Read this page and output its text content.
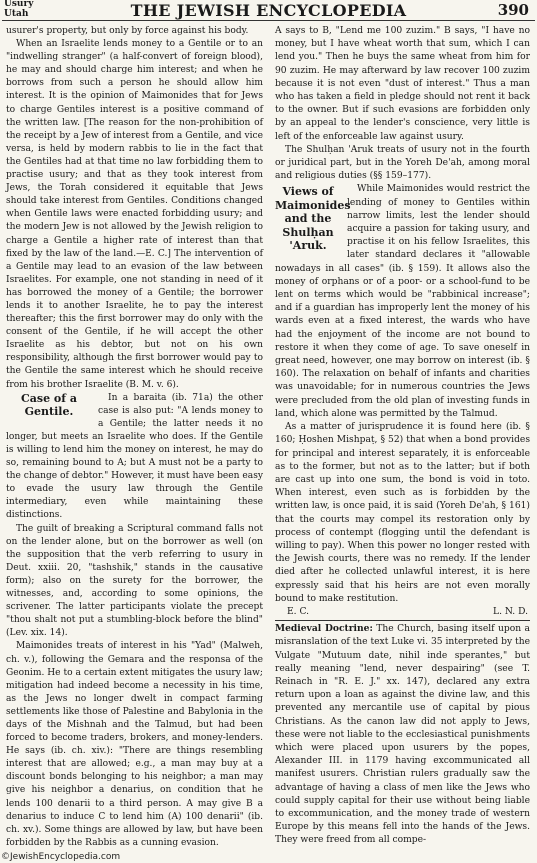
Usury
Utah	THE JEWISH ENCYCLOPEDIA	390

usurer's property, but only by force against his body.

When an Israelite lends money to a Gentile or to an "indwelling stranger" (a half-convert of foreign blood), he may and should charge him interest; and when he borrows from such a person he should allow him interest. It is the opinion of Maimonides that for Jews to charge Gentiles interest is a positive command of the written law. [The reason for the non-prohibition of the receipt by a Jew of interest from a Gentile, and vice versa, is held by modern rabbis to lie in the fact that the Gentiles had at that time no law forbidding them to practise usury; and that as they took interest from Jews, the Torah considered it equitable that Jews should take interest from Gentiles. Conditions changed when Gentile laws were enacted forbidding usury; and the modern Jew is not allowed by the Jewish religion to charge a Gentile a higher rate of interest than that fixed by the law of the land.—E. C.] The intervention of a Gentile may lead to an evasion of the law between Israelites. For example, one not standing in need of it has borrowed the money of a Gentile; the borrower lends it to another Israelite, he to pay the interest thereafter; this the first borrower may do only with the consent of the Gentile, if he will accept the other Israelite as his debtor, but not on his own responsibility, although the first borrower would pay to the Gentile the same interest which he should receive from his brother Israelite (B. M. v. 6).

Case of a Gentile.

In a baraita (ib. 71a) the other case is also put: "A lends money to a Gentile; the latter needs it no longer, but meets an Israelite who does. If the Gentile is willing to lend him the money on interest, he may do so, remaining bound to A; but A must not be a party to the change of debtor." However, it must have been easy to evade the usury law through the Gentile intermediary, even while maintaining these distinctions.

The guilt of breaking a Scriptural command falls not on the lender alone, but on the borrower as well (on the supposition that the verb referring to usury in Deut. xxiii. 20, "tashshik," stands in the causative form); also on the surety for the borrower, the witnesses, and, according to some opinions, the scrivener. The latter participants violate the precept "thou shalt not put a stumbling-block before the blind" (Lev. xix. 14).

Maimonides treats of interest in his "Yad" (Malweh, ch. v.), following the Gemara and the responsa of the Geonim. He to a certain extent mitigates the usury law; mitigation had indeed become a necessity in his time, as the Jews no longer dwelt in compact farming settlements like those of Palestine and Babylonia in the days of the Mishnah and the Talmud, but had been forced to become traders, brokers, and money-lenders. He says (ib. ch. xiv.): "There are things resembling interest that are allowed; e.g., a man may buy at a discount bonds belonging to his neighbor; a man may give his neighbor a denarius, on condition that he lends 100 denarii to a third person. A may give B a denarius to induce C to lend him (A) 100 denarii" (ib. ch. xv.). Some things are allowed by law, but have been forbidden by the Rabbis as a cunning evasion.

A says to B, "Lend me 100 zuzim." B says, "I have no money, but I have wheat worth that sum, which I can lend you." Then he buys the same wheat from him for 90 zuzim. He may afterward by law recover 100 zuzim because it is not even "dust of interest." Thus a man who has taken a field in pledge should not rent it back to the owner. But if such evasions are forbidden only by an appeal to the lender's conscience, very little is left of the enforceable law against usury.

The Shulḥan 'Aruk treats of usury not in the fourth or juridical part, but in the Yoreh De'ah, among moral and religious duties (§§ 159–177).

Views of Maimonides and the Shulḥan 'Aruk.

While Maimonides would restrict the lending of money to Gentiles within narrow limits, lest the lender should acquire a passion for taking usury, and practise it on his fellow Israelites, this later standard declares it "allowable nowadays in all cases" (ib. § 159). It allows also the money of orphans or of a poor- or a school-fund to be lent on terms which would be "rabbinical increase"; and if a guardian has improperly lent the money of his wards even at a fixed interest, the wards who have had the enjoyment of the income are not bound to restore it when they come of age. To save oneself in great need, however, one may borrow on interest (ib. § 160). The relaxation on behalf of infants and charities was unavoidable; for in numerous countries the Jews were precluded from the old plan of investing funds in land, which alone was permitted by the Talmud.

As a matter of jurisprudence it is found here (ib. § 160; Ḥoshen Mishpaṭ, § 52) that when a bond provides for principal and interest separately, it is enforceable as to the former, but not as to the latter; but if both are cast up into one sum, the bond is void in toto. When interest, even such as is forbidden by the written law, is once paid, it is said (Yoreh De'ah, § 161) that the courts may compel its restoration only by process of contempt (flogging until the defendant is willing to pay). When this power no longer rested with the Jewish courts, there was no remedy. If the lender died after he collected unlawful interest, it is here expressly said that his heirs are not even morally bound to make restitution.

E. C.	L. N. D.

Medieval Doctrine: The Church, basing itself upon a misranslation of the text Luke vi. 35 interpreted by the Vulgate "Mutuum date, nihil inde sperantes," but really meaning "lend, never despairing" (see T. Reinach in "R. E. J." xx. 147), declared any extra return upon a loan as against the divine law, and this prevented any mercantile use of capital by pious Christians. As the canon law did not apply to Jews, these were not liable to the ecclesiastical punishments which were placed upon usurers by the popes, Alexander III. in 1179 having excommunicated all manifest usurers. Christian rulers gradually saw the advantage of having a class of men like the Jews who could supply capital for their use without being liable to excommunication, and the money trade of western Europe by this means fell into the hands of the Jews. They were freed from all compe-

©JewishEncyclopedia.com
